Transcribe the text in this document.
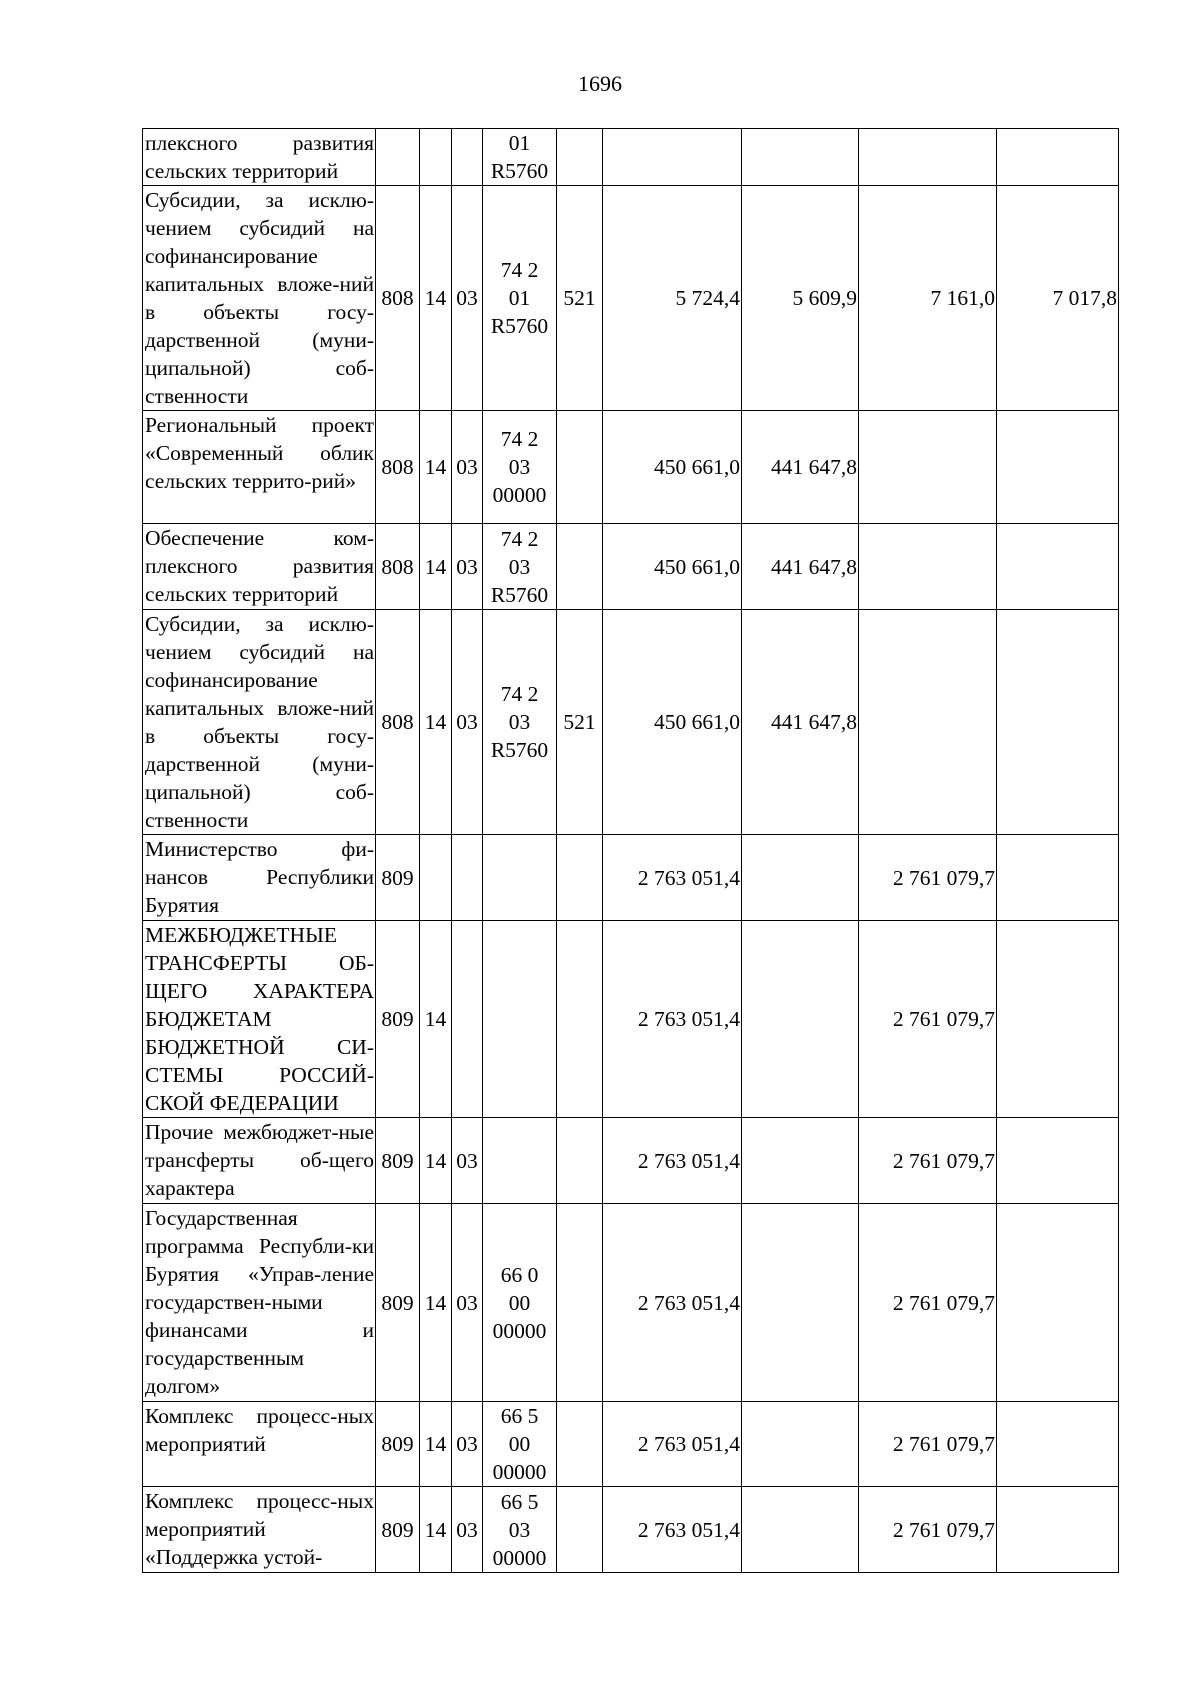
1696
плексного развития сельских территорий				01
R5760					

Субсидии, за исклю-чением субсидий на софинансирование капитальных вложе-ний в объекты госу-дарственной (муни-ципальной) соб-ственности	808	14	03	74 2
01
R5760	521	5 724,4	5 609,9	7 161,0	7 017,8
Региональный проект «Современный облик сельских террито-рий»	808	14	03	74 2
03
00000		450 661,0	441 647,8		
Обеспечение ком-плексного развития сельских территорий	808	14	03	74 2
03
R5760		450 661,0	441 647,8		
Субсидии, за исклю-чением субсидий на софинансирование капитальных вложе-ний в объекты госу-дарственной (муни-ципальной) соб-ственности	808	14	03	74 2
03
R5760	521	450 661,0	441 647,8		
Министерство фи-нансов Республики Бурятия	809					2 763 051,4		2 761 079,7	
МЕЖБЮДЖЕТНЫЕ ТРАНСФЕРТЫ ОБ-ЩЕГО ХАРАКТЕРА БЮДЖЕТАМ БЮДЖЕТНОЙ СИ-СТЕМЫ РОССИЙ-СКОЙ ФЕДЕРАЦИИ	809	14				2 763 051,4		2 761 079,7	
Прочие межбюджет-ные трансферты об-щего характера	809	14	03			2 763 051,4		2 761 079,7	
Государственная программа Республи-ки Бурятия «Управ-ление государствен-ными финансами и государственным долгом»	809	14	03	66 0
00
00000		2 763 051,4		2 761 079,7	
Комплекс процесс-ных мероприятий	809	14	03	66 5
00
00000		2 763 051,4		2 761 079,7	
Комплекс процесс-ных мероприятий «Поддержка устой-	809	14	03	66 5
03
00000		2 763 051,4		2 761 079,7	
